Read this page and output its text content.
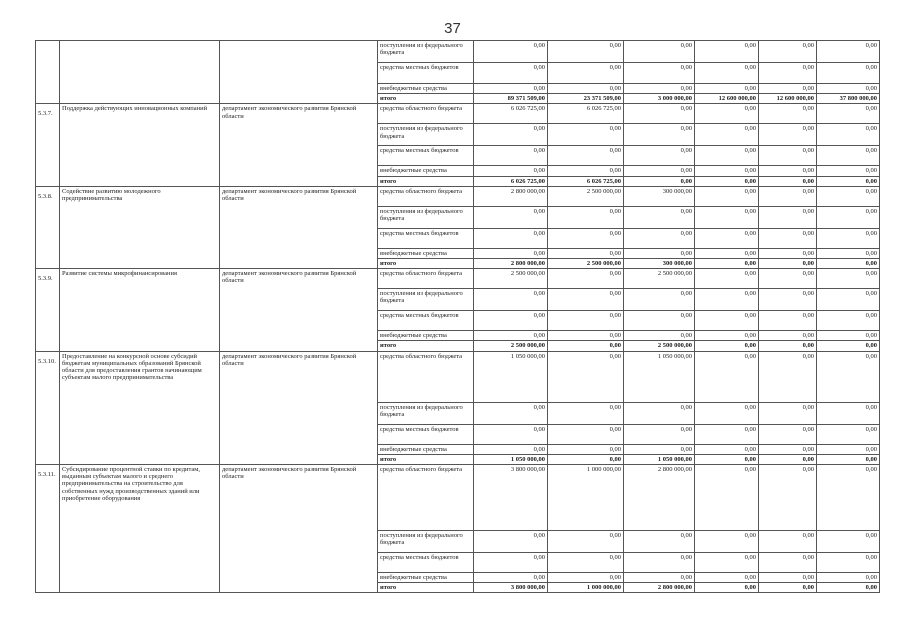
37
			поступления из федерального бюджета	0,00	0,00	0,00	0,00	0,00	0,00
			средства местных бюджетов	0,00	0,00	0,00	0,00	0,00	0,00
			внебюджетные средства	0,00	0,00	0,00	0,00	0,00	0,00
			итого	89 371 509,00	23 371 509,00	3 000 000,00	12 600 000,00	12 600 000,00	37 800 000,00
5.3.7.	Поддержка действующих инновационных компаний	департамент экономического развития Брянской области	средства областного бюджета	6 026 725,00	6 026 725,00	0,00	0,00	0,00	0,00
			поступления из федерального бюджета	0,00	0,00	0,00	0,00	0,00	0,00
			средства местных бюджетов	0,00	0,00	0,00	0,00	0,00	0,00
			внебюджетные средства	0,00	0,00	0,00	0,00	0,00	0,00
			итого	6 026 725,00	6 026 725,00	0,00	0,00	0,00	0,00
5.3.8.	Содействие развитию молодежного предпринимательства	департамент экономического развития Брянской области	средства областного бюджета	2 800 000,00	2 500 000,00	300 000,00	0,00	0,00	0,00
			поступления из федерального бюджета	0,00	0,00	0,00	0,00	0,00	0,00
			средства местных бюджетов	0,00	0,00	0,00	0,00	0,00	0,00
			внебюджетные средства	0,00	0,00	0,00	0,00	0,00	0,00
			итого	2 800 000,00	2 500 000,00	300 000,00	0,00	0,00	0,00
5.3.9.	Развитие системы микрофинансирования	департамент экономического развития Брянской области	средства областного бюджета	2 500 000,00	0,00	2 500 000,00	0,00	0,00	0,00
			поступления из федерального бюджета	0,00	0,00	0,00	0,00	0,00	0,00
			средства местных бюджетов	0,00	0,00	0,00	0,00	0,00	0,00
			внебюджетные средства	0,00	0,00	0,00	0,00	0,00	0,00
			итого	2 500 000,00	0,00	2 500 000,00	0,00	0,00	0,00
5.3.10.	Предоставление на конкурсной основе субсидий бюджетам муниципальных образований Брянской области для предоставления грантов начинающим субъектам малого предпринимательства	департамент экономического развития Брянской области	средства областного бюджета	1 050 000,00	0,00	1 050 000,00	0,00	0,00	0,00
			поступления из федерального бюджета	0,00	0,00	0,00	0,00	0,00	0,00
			средства местных бюджетов	0,00	0,00	0,00	0,00	0,00	0,00
			внебюджетные средства	0,00	0,00	0,00	0,00	0,00	0,00
			итого	1 050 000,00	0,00	1 050 000,00	0,00	0,00	0,00
5.3.11.	Субсидирование процентной ставки по кредитам, выданным субъектам малого и среднего предпринимательства на строительство для собственных нужд производственных зданий или приобретение оборудования	департамент экономического развития Брянской области	средства областного бюджета	3 800 000,00	1 000 000,00	2 800 000,00	0,00	0,00	0,00
			поступления из федерального бюджета	0,00	0,00	0,00	0,00	0,00	0,00
			средства местных бюджетов	0,00	0,00	0,00	0,00	0,00	0,00
			внебюджетные средства	0,00	0,00	0,00	0,00	0,00	0,00
			итого	3 800 000,00	1 000 000,00	2 800 000,00	0,00	0,00	0,00
